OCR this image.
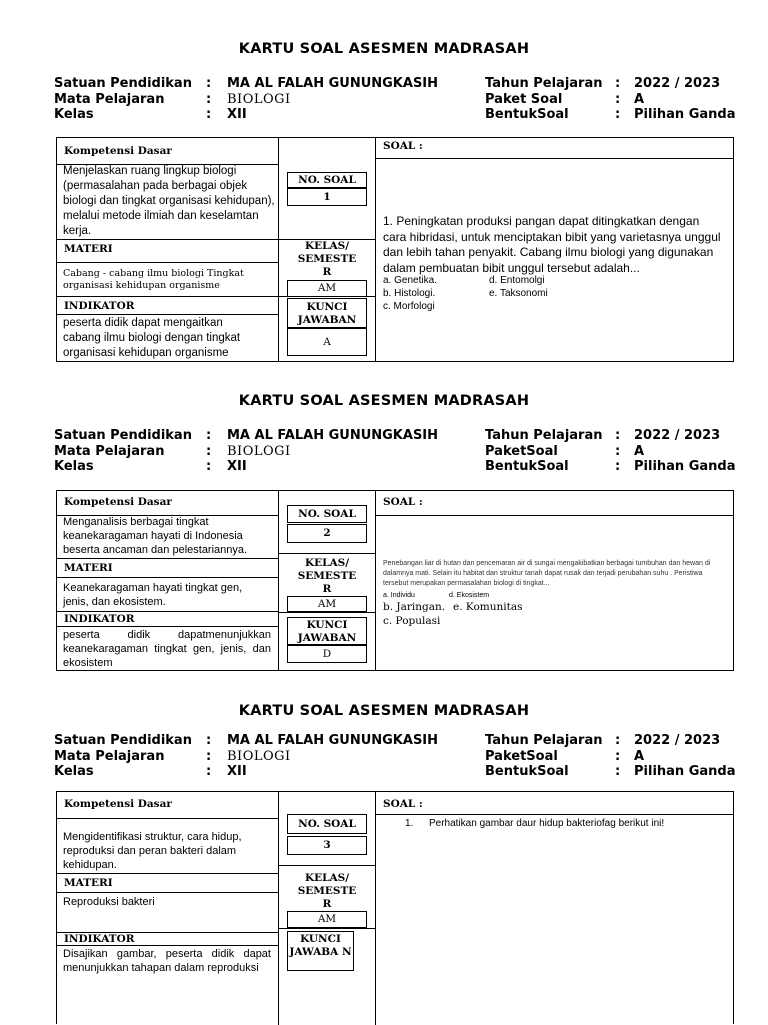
KARTU SOAL ASESMEN MADRASAH
Satuan Pendidikan : MA AL FALAH GUNUNGKASIH
Mata Pelajaran	: BIOLOGI
Kelas	: XII
Tahun Pelajaran : 2022 / 2023
Paket Soal	: A
BentukSoal	: Pilihan Ganda
Kompetensi Dasar
Menjelaskan ruang lingkup biologi (permasalahan pada berbagai objek biologi dan tingkat organisasi kehidupan), melalui metode ilmiah dan keselamtan kerja.
MATERI
Cabang - cabang ilmu biologi Tingkat organisasi kehidupan organisme
INDIKATOR
peserta didik dapat mengaitkan cabang ilmu biologi dengan tingkat organisasi kehidupan organisme
NO. SOAL
1
KELAS/ SEMESTE R
AM
KUNCI JAWABAN
A
SOAL :
1. Peningkatan produksi pangan dapat ditingkatkan dengan cara hibridasi, untuk menciptakan bibit yang varietasnya unggul dan lebih tahan penyakit. Cabang ilmu biologi yang digunakan dalam pembuatan bibit unggul tersebut adalah...
a. Genetika.	d. Entomolgi
b. Histologi.	e. Taksonomi
c. Morfologi
KARTU SOAL ASESMEN MADRASAH
Satuan Pendidikan : MA AL FALAH GUNUNGKASIH
Mata Pelajaran	: BIOLOGI
Kelas	: XII
Tahun Pelajaran : 2022 / 2023
PaketSoal	: A
BentukSoal	: Pilihan Ganda
Kompetensi Dasar
Menganalisis berbagai tingkat keanekaragaman hayati di Indonesia beserta ancaman dan pelestariannya.
MATERI
Keanekaragaman hayati tingkat gen, jenis, dan ekosistem.
INDIKATOR
peserta didik dapatmenunjukkan keanekaragaman tingkat gen, jenis, dan ekosistem
NO. SOAL
2
KELAS/ SEMESTE R
AM
KUNCI JAWABAN
D
SOAL :
Penebangan liar di hutan dan pencemaran air di sungai mengakibatkan berbagai tumbuhan dan hewan di dalamnya mati. Selain itu habitat dan struktur tanah dapat rusak dan terjadi perubahan suhu . Peristiwa tersebut merupakan permasalahan biologi di tingkat...
a. Individu	d. Ekosistem
b. Jaringan. e. Komunitas
c. Populasi
KARTU SOAL ASESMEN MADRASAH
Satuan Pendidikan : MA AL FALAH GUNUNGKASIH
Mata Pelajaran	: BIOLOGI
Kelas	: XII
Tahun Pelajaran : 2022 / 2023
PaketSoal	: A
BentukSoal	: Pilihan Ganda
Kompetensi Dasar
Mengidentifikasi struktur, cara hidup, reproduksi dan peran bakteri dalam kehidupan.
MATERI
Reproduksi bakteri
INDIKATOR
Disajikan gambar, peserta didik dapat menunjukkan tahapan dalam reproduksi
NO. SOAL
3
KELAS/ SEMESTE R
AM
KUNCI JAWABA N
SOAL :
1. Perhatikan gambar daur hidup bakteriofag berikut ini!
